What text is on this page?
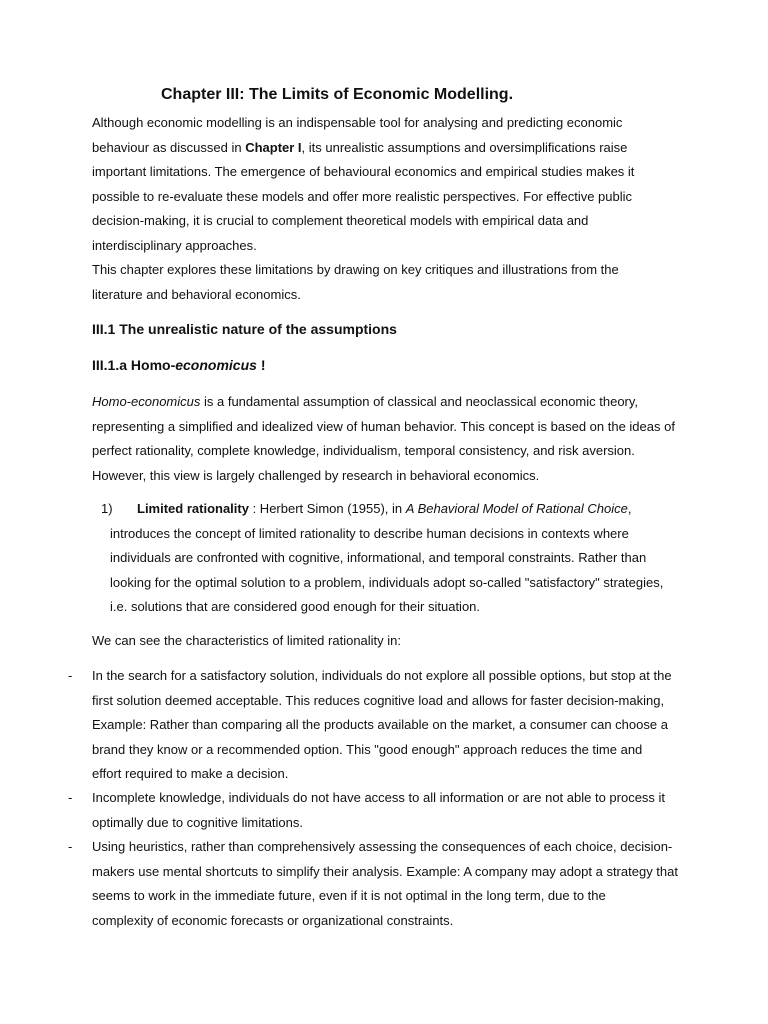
Chapter III: The Limits of Economic Modelling.
Although economic modelling is an indispensable tool for analysing and predicting economic
behaviour as discussed in Chapter I, its unrealistic assumptions and oversimplifications raise
important limitations. The emergence of behavioural economics and empirical studies makes it
possible to re-evaluate these models and offer more realistic perspectives. For effective public
decision-making, it is crucial to complement theoretical models with empirical data and
interdisciplinary approaches.
This chapter explores these limitations by drawing on key critiques and illustrations from the
literature and behavioral economics.
III.1 The unrealistic nature of the assumptions
III.1.a Homo-economicus !
Homo-economicus is a fundamental assumption of classical and neoclassical economic theory,
representing a simplified and idealized view of human behavior. This concept is based on the ideas of
perfect rationality, complete knowledge, individualism, temporal consistency, and risk aversion.
However, this view is largely challenged by research in behavioral economics.
1)	Limited rationality : Herbert Simon (1955), in A Behavioral Model of Rational Choice,
introduces the concept of limited rationality to describe human decisions in contexts where
individuals are confronted with cognitive, informational, and temporal constraints. Rather than
looking for the optimal solution to a problem, individuals adopt so-called "satisfactory" strategies,
i.e. solutions that are considered good enough for their situation.
We can see the characteristics of limited rationality in:
- In the search for a satisfactory solution, individuals do not explore all possible options, but stop at the
first solution deemed acceptable. This reduces cognitive load and allows for faster decision-making,
Example: Rather than comparing all the products available on the market, a consumer can choose a
brand they know or a recommended option. This "good enough" approach reduces the time and
effort required to make a decision.
- Incomplete knowledge, individuals do not have access to all information or are not able to process it
optimally due to cognitive limitations.
- Using heuristics, rather than comprehensively assessing the consequences of each choice, decision-
makers use mental shortcuts to simplify their analysis. Example: A company may adopt a strategy that
seems to work in the immediate future, even if it is not optimal in the long term, due to the
complexity of economic forecasts or organizational constraints.
